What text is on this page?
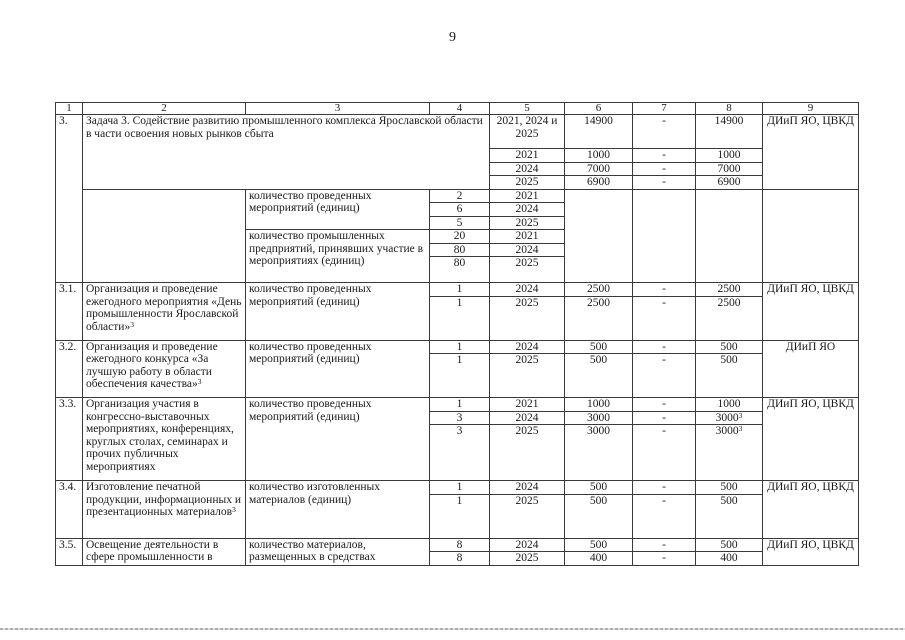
9
1	2	3	4	5	6	7	8	9
3.	Задача 3. Содействие развитию промышленного комплекса Ярославской области в части освоения новых рынков сбыта			2021, 2024 и 2025	14900	-	14900	ДИиП ЯО, ЦВКД
				2021	1000	-	1000	
				2024	7000	-	7000	
				2025	6900	-	6900	
		количество проведенных мероприятий (единиц)	2	2021				
			6	2024				
			5	2025				
		количество промышленных предприятий, принявших участие в мероприятиях (единиц)	20	2021				
			80	2024				
			80	2025				
3.1.	Организация и проведение ежегодного мероприятия «День промышленности Ярославской области»$^3$	количество проведенных мероприятий (единиц)	1	2024	2500	-	2500	ДИиП ЯО, ЦВКД
			1	2025	2500	-	2500	
3.2.	Организация и проведение ежегодного конкурса «За лучшую работу в области обеспечения качества»$^3$	количество проведенных мероприятий (единиц)	1	2024	500	-	500	ДИиП ЯО
			1	2025	500	-	500	
3.3.	Организация участия в конгрессно-выставочных мероприятиях, конференциях, круглых столах, семинарах и прочих публичных мероприятиях	количество проведенных мероприятий (единиц)	1	2021	1000	-	1000	ДИиП ЯО, ЦВКД
			3	2024	3000	-	3000$^3$
			3	2025	3000	-	3000$^3$
3.4.	Изготовление печатной продукции, информационных и презентационных материалов$^3$	количество изготовленных материалов (единиц)	1	2024	500	-	500	ДИиП ЯО, ЦВКД
			1	2025	500	-	500	
3.5.	Освещение деятельности в сфере промышленности в	количество материалов, размещенных в средствах	8	2024	500	-	500	ДИиП ЯО, ЦВКД
			8	2025	400	-	400	
